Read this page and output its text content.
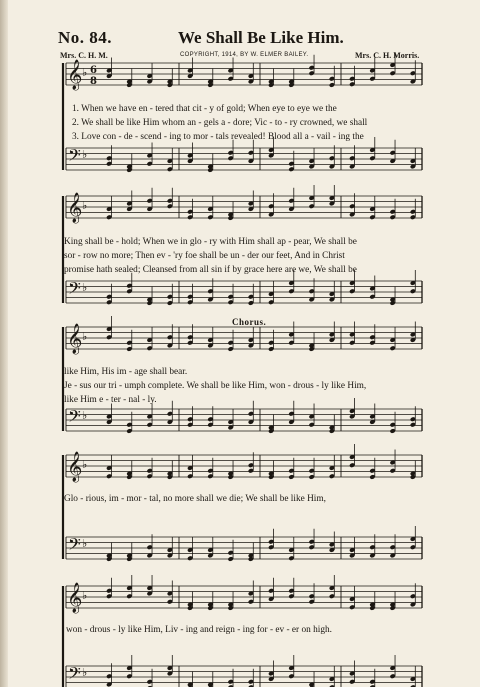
No. 84.	We Shall Be Like Him.
Mrs. C. H. M.	COPYRIGHT, 1914, BY W. ELMER BAILEY.	Mrs. C. H. Morris.
𝄞
𝄢
♭
♭
6
8
𝄞
𝄢
♭
♭
𝄞
𝄢
♭
♭
𝄞
𝄢
♭
♭
𝄞
𝄢
♭
♭
1. When we have en - tered that cit - y of gold; When eye to eye we the
2. We shall be like Him whom an - gels a - dore; Vic - to - ry crowned, we shall
3. Love con - de - scend - ing to mor - tals revealed! Blood all a - vail - ing the
King shall be - hold; When we in glo - ry with Him shall ap - pear, We shall be
sor - row no more; Then ev - 'ry foe shall be un - der our feet, And in Christ
promise hath sealed; Cleansed from all sin if by grace here are we, We shall be
Chorus.
like Him, His im - age shall bear.
Je - sus our tri - umph complete. We shall be like Him, won - drous - ly like Him,
like Him e - ter - nal - ly.
Glo - rious, im - mor - tal, no more shall we die; We shall be like Him,
won - drous - ly like Him, Liv - ing and reign - ing for - ev - er on high.
